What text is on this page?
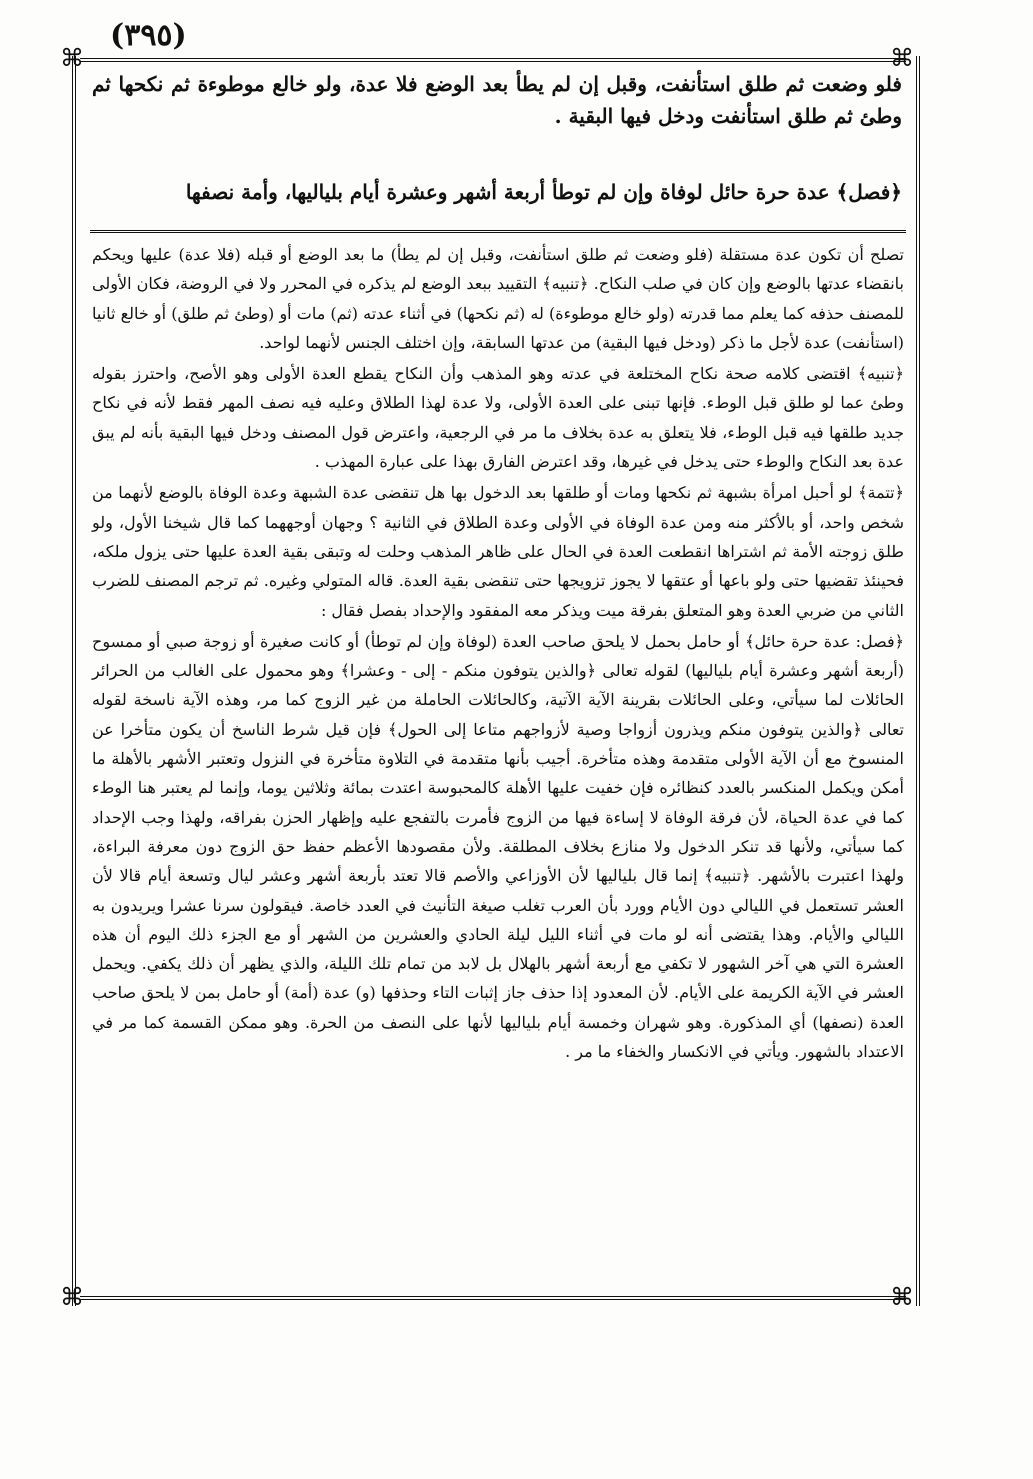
(٣٩٥)
⌘	⌘
⌘	⌘

فلو وضعت ثم طلق استأنفت، وقبل إن لم يطأ بعد الوضع فلا عدة، ولو خالع موطوءة ثم نكحها ثم وطئ ثم طلق استأنفت ودخل فيها البقية .

﴿فصل﴾ عدة حرة حائل لوفاة وإن لم توطأ أربعة أشهر وعشرة أيام بلياليها، وأمة نصفها

تصلح أن تكون عدة مستقلة (فلو وضعت ثم طلق استأنفت، وقبل إن لم يطأ) ما بعد الوضع أو قبله (فلا عدة) عليها ويحكم بانقضاء عدتها بالوضع وإن كان في صلب النكاح. ﴿تنبيه﴾ التقييد ببعد الوضع لم يذكره في المحرر ولا في الروضة، فكان الأولى للمصنف حذفه كما يعلم مما قدرته (ولو خالع موطوءة) له (ثم نكحها) في أثناء عدته (ثم) مات أو (وطئ ثم طلق) أو خالع ثانيا (استأنفت) عدة لأجل ما ذكر (ودخل فيها البقية) من عدتها السابقة، وإن اختلف الجنس لأنهما لواحد.

﴿تنبيه﴾ اقتضى كلامه صحة نكاح المختلعة في عدته وهو المذهب وأن النكاح يقطع العدة الأولى وهو الأصح، واحترز بقوله وطئ عما لو طلق قبل الوطء. فإنها تبنى على العدة الأولى، ولا عدة لهذا الطلاق وعليه فيه نصف المهر فقط لأنه في نكاح جديد طلقها فيه قبل الوطء، فلا يتعلق به عدة بخلاف ما مر في الرجعية، واعترض قول المصنف ودخل فيها البقية بأنه لم يبق عدة بعد النكاح والوطء حتى يدخل في غيرها، وقد اعترض الفارق بهذا على عبارة المهذب .

﴿تتمة﴾ لو أحبل امرأة بشبهة ثم نكحها ومات أو طلقها بعد الدخول بها هل تنقضى عدة الشبهة وعدة الوفاة بالوضع لأنهما من شخص واحد، أو بالأكثر منه ومن عدة الوفاة في الأولى وعدة الطلاق في الثانية ؟ وجهان أوجههما كما قال شيخنا الأول، ولو طلق زوجته الأمة ثم اشتراها انقطعت العدة في الحال على ظاهر المذهب وحلت له وتبقى بقية العدة عليها حتى يزول ملكه، فحينئذ تقضيها حتى ولو باعها أو عتقها لا يجوز تزويجها حتى تنقضى بقية العدة. قاله المتولي وغيره. ثم ترجم المصنف للضرب الثاني من ضربي العدة وهو المتعلق بفرقة ميت ويذكر معه المفقود والإحداد بفصل فقال :

﴿فصل: عدة حرة حائل﴾ أو حامل بحمل لا يلحق صاحب العدة (لوفاة وإن لم توطأ) أو كانت صغيرة أو زوجة صبي أو ممسوح (أربعة أشهر وعشرة أيام بلياليها) لقوله تعالى ﴿والذين يتوفون منكم - إلى - وعشرا﴾ وهو محمول على الغالب من الحرائر الحائلات لما سيأتي، وعلى الحائلات بقرينة الآية الآتية، وكالحائلات الحاملة من غير الزوج كما مر، وهذه الآية ناسخة لقوله تعالى ﴿والذين يتوفون منكم ويذرون أزواجا وصية لأزواجهم متاعا إلى الحول﴾ فإن قيل شرط الناسخ أن يكون متأخرا عن المنسوخ مع أن الآية الأولى متقدمة وهذه متأخرة. أجيب بأنها متقدمة في التلاوة متأخرة في النزول وتعتبر الأشهر بالأهلة ما أمكن ويكمل المنكسر بالعدد كنظائره فإن خفيت عليها الأهلة كالمحبوسة اعتدت بمائة وثلاثين يوما، وإنما لم يعتبر هنا الوطء كما في عدة الحياة، لأن فرقة الوفاة لا إساءة فيها من الزوج فأمرت بالتفجع عليه وإظهار الحزن بفراقه، ولهذا وجب الإحداد كما سيأتي، ولأنها قد تنكر الدخول ولا منازع بخلاف المطلقة. ولأن مقصودها الأعظم حفظ حق الزوج دون معرفة البراءة، ولهذا اعتبرت بالأشهر. ﴿تنبيه﴾ إنما قال بلياليها لأن الأوزاعي والأصم قالا تعتد بأربعة أشهر وعشر ليال وتسعة أيام قالا لأن العشر تستعمل في الليالي دون الأيام وورد بأن العرب تغلب صيغة التأنيث في العدد خاصة. فيقولون سرنا عشرا ويريدون به الليالي والأيام. وهذا يقتضى أنه لو مات في أثناء الليل ليلة الحادي والعشرين من الشهر أو مع الجزء ذلك اليوم أن هذه العشرة التي هي آخر الشهور لا تكفي مع أربعة أشهر بالهلال بل لابد من تمام تلك الليلة، والذي يظهر أن ذلك يكفي. ويحمل العشر في الآية الكريمة على الأيام. لأن المعدود إذا حذف جاز إثبات التاء وحذفها (و) عدة (أمة) أو حامل بمن لا يلحق صاحب العدة (نصفها) أي المذكورة. وهو شهران وخمسة أيام بلياليها لأنها على النصف من الحرة. وهو ممكن القسمة كما مر في الاعتداد بالشهور. ويأتي في الانكسار والخفاء ما مر .
